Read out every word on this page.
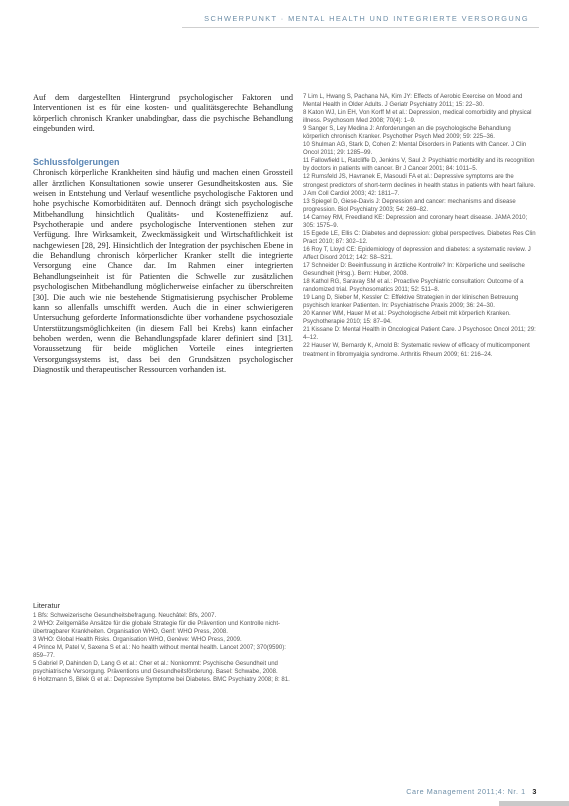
SCHWERPUNKT · MENTAL HEALTH UND INTEGRIERTE VERSORGUNG

Auf dem dargestellten Hintergrund psychologischer Faktoren und Interventionen ist es für eine kosten- und qualitätsgerechte Behandlung körperlich chronisch Kranker unabdingbar, dass die psychische Behandlung eingebunden wird.

Schlussfolgerungen

Chronisch körperliche Krankheiten sind häufig und machen einen Grossteil aller ärztlichen Konsultationen sowie unserer Gesundheitskosten aus. Sie weisen in Entstehung und Verlauf wesentliche psychologische Faktoren und hohe psychische Komorbiditäten auf. Dennoch drängt sich psychologische Mitbehandlung hinsichtlich Qualitäts- und Kosteneffizienz auf. Psychotherapie und andere psychologische Interventionen stehen zur Verfügung. Ihre Wirksamkeit, Zweckmässigkeit und Wirtschaftlichkeit ist nachgewiesen [28, 29]. Hinsichtlich der Integration der psychischen Ebene in die Behandlung chronisch körperlicher Kranker stellt die integrierte Versorgung eine Chance dar. Im Rahmen einer integrierten Behandlungseinheit ist für Patienten die Schwelle zur zusätzlichen psychologischen Mitbehandlung möglicherweise einfacher zu überschreiten [30]. Die auch wie nie bestehende Stigmatisierung psychischer Probleme kann so allenfalls umschifft werden. Auch die in einer schwierigeren Untersuchung geforderte Informationsdichte über vorhandene psychosoziale Unterstützungsmöglichkeiten (in diesem Fall bei Krebs) kann einfacher behoben werden, wenn die Behandlungspfade klarer definiert sind [31]. Voraussetzung für beide möglichen Vorteile eines integrierten Versorgungssystems ist, dass bei den Grundsätzen psychologischer Diagnostik und therapeutischer Ressourcen vorhanden ist.

Literatur

1 Bfs: Schweizerische Gesundheitsbefragung. Neuchâtel: Bfs, 2007.

2 WHO: Zeitgemäße Ansätze für die globale Strategie für die Prävention und Kontrolle nicht-übertragbarer Krankheiten. Organisation WHO, Genf: WHO Press, 2008.

3 WHO: Global Health Risks. Organisation WHO, Genève: WHO Press, 2009.

4 Prince M, Patel V, Saxena S et al.: No health without mental health. Lancet 2007; 370(9590): 859–77.

5 Gabriel P, Dahinden D, Lang G et al.: Cher et al.: Nonkommt: Psychische Gesundheit und psychiatrische Versorgung. Präventions und Gesundheitsförderung. Basel: Schwabe, 2008.

6 Holtzmann S, Bilek G et al.: Depressive Symptome bei Diabetes. BMC Psychiatry 2008; 8: 81.

7 Lim L, Hwang S, Pachana NA, Kim JY: Effects of Aerobic Exercise on Mood and Mental Health in Older Adults. J Geriatr Psychiatry 2011; 15: 22–30.

8 Katon WJ, Lin EH, Von Korff M et al.: Depression, medical comorbidity and physical illness. Psychosom Med 2008; 70(4): 1–9.

9 Sanger S, Ley Medina J: Anforderungen an die psychologische Behandlung körperlich chronisch Kranker. Psychother Psych Med 2009; 59: 225–36.

10 Shulman AG, Stark D, Cohen Z: Mental Disorders in Patients with Cancer. J Clin Oncol 2011; 29: 1285–99.

11 Fallowfield L, Ratcliffe D, Jenkins V, Saul J: Psychiatric morbidity and its recognition by doctors in patients with cancer. Br J Cancer 2001; 84: 1011–5.

12 Rumsfeld JS, Havranek E, Masoudi FA et al.: Depressive symptoms are the strongest predictors of short-term declines in health status in patients with heart failure. J Am Coll Cardiol 2003; 42: 1811–7.

13 Spiegel D, Giese-Davis J: Depression and cancer: mechanisms and disease progression. Biol Psychiatry 2003; 54: 269–82.

14 Carney RM, Freedland KE: Depression and coronary heart disease. JAMA 2010; 305: 1575–9.

15 Egede LE, Ellis C: Diabetes and depression: global perspectives. Diabetes Res Clin Pract 2010; 87: 302–12.

16 Roy T, Lloyd CE: Epidemiology of depression and diabetes: a systematic review. J Affect Disord 2012; 142: S8–S21.

17 Schneider D: Beeinflussung in ärztliche Kontrolle? In: Körperliche und seelische Gesundheit (Hrsg.). Bern: Huber, 2008.

18 Kathol RG, Saravay SM et al.: Proactive Psychiatric consultation: Outcome of a randomized trial. Psychosomatics 2011; 52: 511–8.

19 Lang D, Sieber M, Kessler C: Effektive Strategien in der klinischen Betreuung psychisch kranker Patienten. In: Psychiatrische Praxis 2009; 36: 24–30.

20 Kanner WM, Hauer M et al.: Psychologische Arbeit mit körperlich Kranken. Psychotherapie 2010; 15: 87–94.

21 Kissane D: Mental Health in Oncological Patient Care. J Psychosoc Oncol 2011; 29: 4–12.

22 Hauser W, Bernardy K, Arnold B: Systematic review of efficacy of multicomponent treatment in fibromyalgia syndrome. Arthritis Rheum 2009; 61: 216–24.

Care Management 2011;4: Nr. 1 3
